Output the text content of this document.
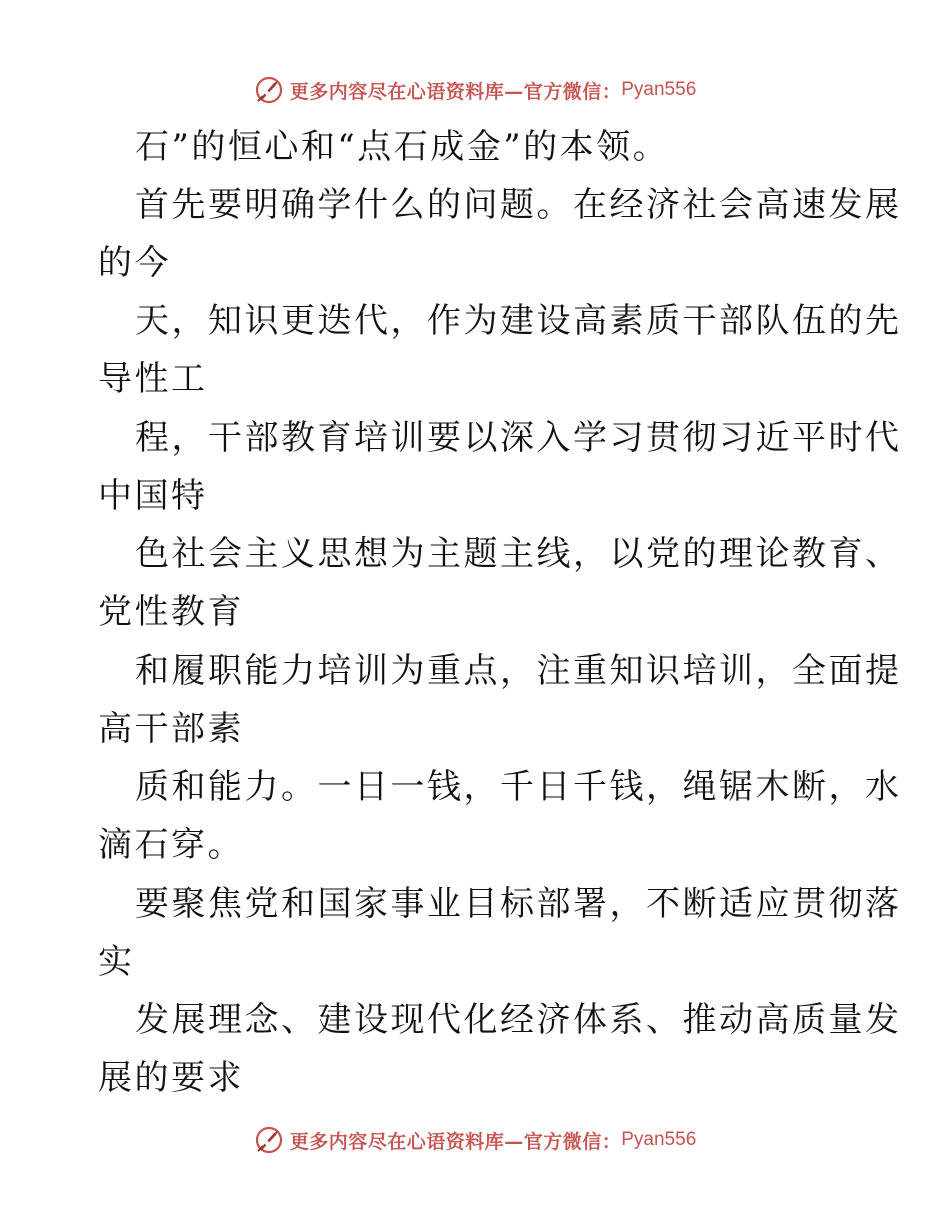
更多内容尽在心语资料库—官方微信： Pyan556
石”的恒心和“点石成金”的本领。
首先要明确学什么的问题。在经济社会高速发展
的今
天，知识更迭代，作为建设高素质干部队伍的先
导性工
程，干部教育培训要以深入学习贯彻习近平时代
中国特
色社会主义思想为主题主线，以党的理论教育、
党性教育
和履职能力培训为重点，注重知识培训，全面提
高干部素
质和能力。一日一钱，千日千钱，绳锯木断，水
滴石穿。
要聚焦党和国家事业目标部署，不断适应贯彻落
实
发展理念、建设现代化经济体系、推动高质量发
展的要求
更多内容尽在心语资料库—官方微信： Pyan556
